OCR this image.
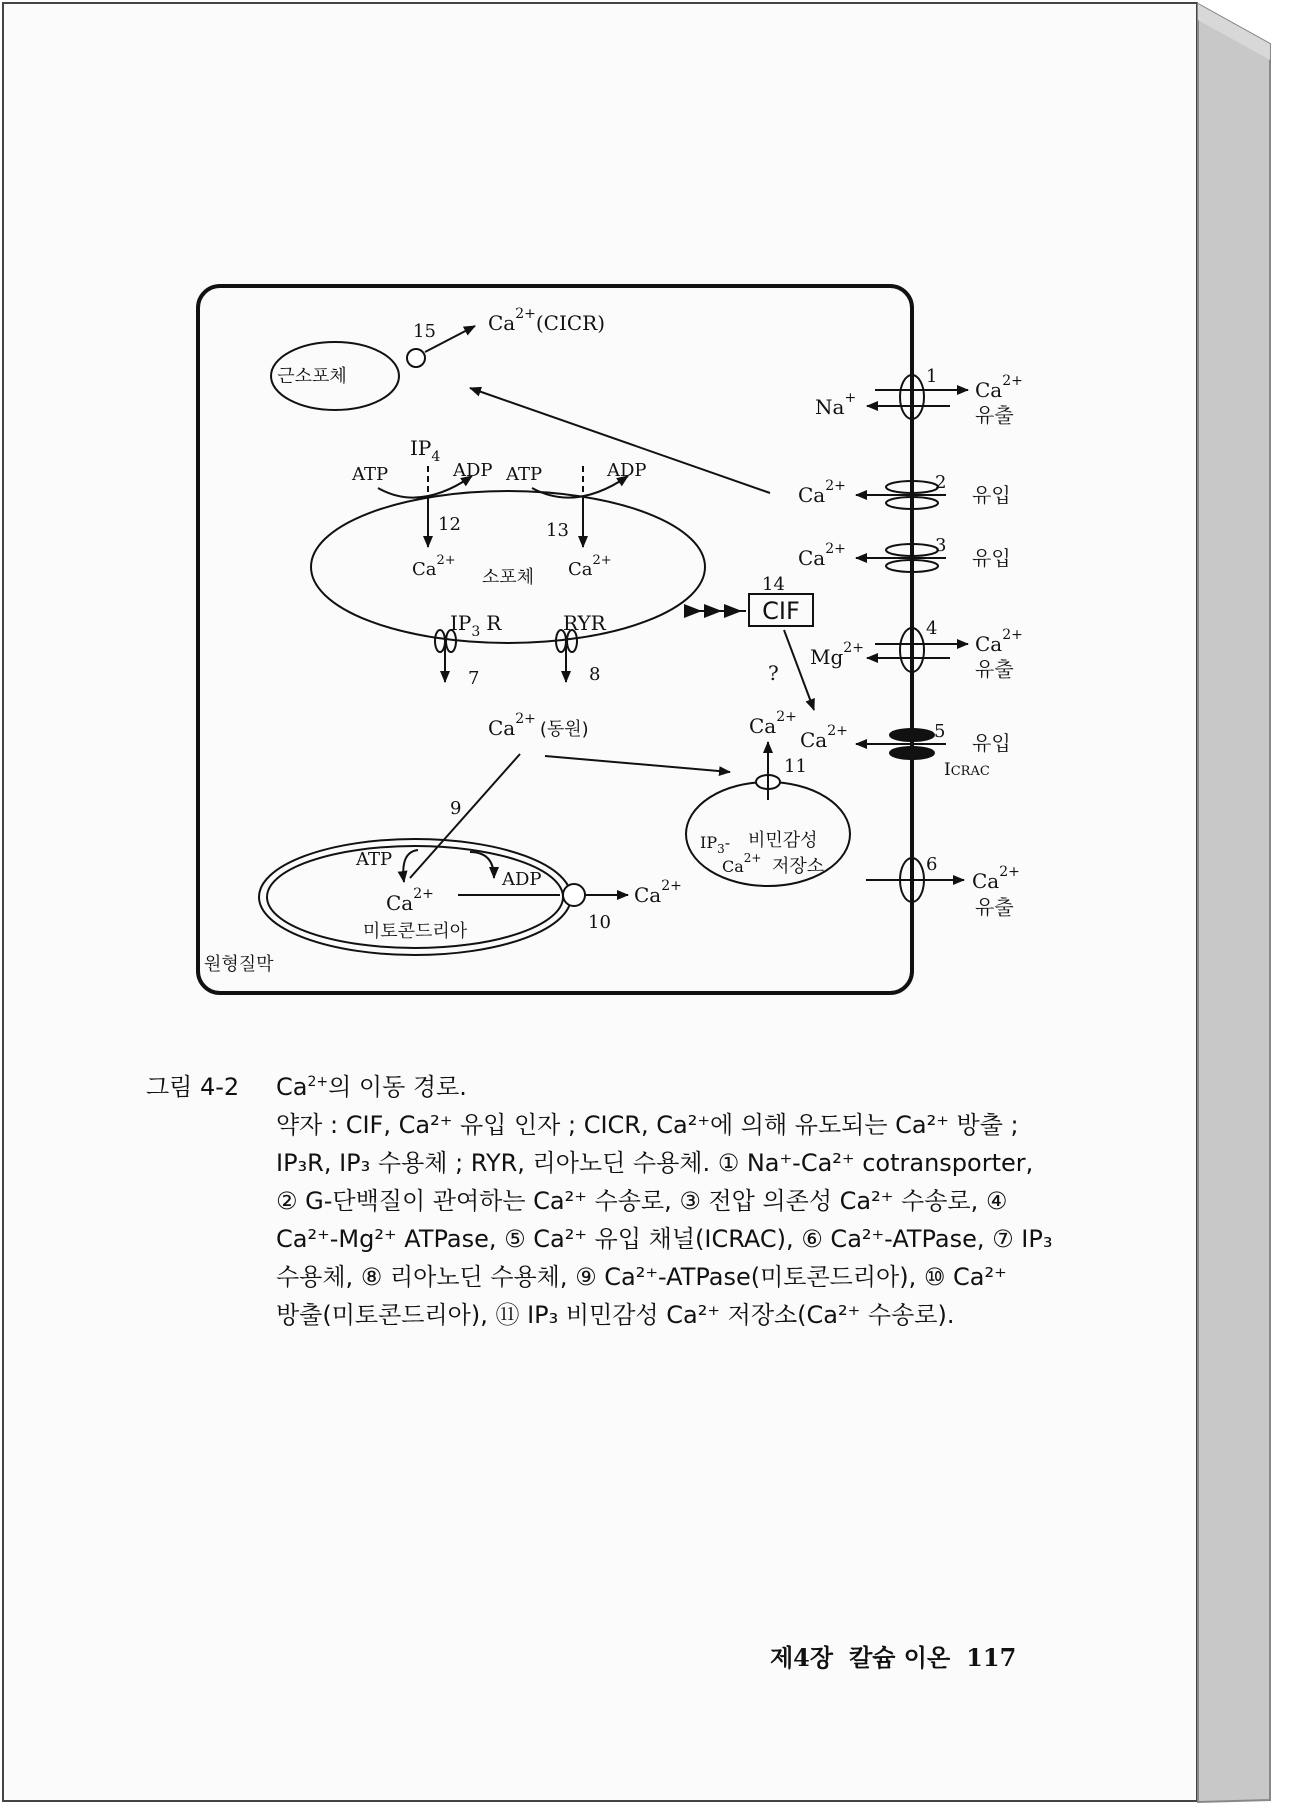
원형질막
근소포체
15	$Ca^{2+}(CICR)$
소포체
$IP_4$
ATP	ADP ATP	ADP
12	13
$Ca^{2+}$	$Ca^{2+}$
$IP_3$ R	RYR
7	8
CIF
14
?
$Ca^{2+}$ (동원)
9
ATP
ADP
$Ca^{2+}$
미토콘드리아
$Ca^{2+}$
10
11
$IP_3-$ 비민감성
$Ca^{2+}$ 저장소
$Ca^{2+}$
1
Na+	$Ca^{2+}$
유출
2
$Ca^{2+}$	유입
3
$Ca^{2+}$	유입
4
$Mg^{2+}$	$Ca^{2+}$
유출
5
$Ca^{2+}$	유입
ICRAC
6
$Ca^{2+}$
유출
그림 4-2 $Ca^{2+}$의 이동 경로.
약자 : CIF, Ca²⁺ 유입 인자 ; CICR, Ca²⁺에 의해 유도되는 Ca²⁺ 방출 ;
IP₃R, IP₃ 수용체 ; RYR, 리아노딘 수용체. ① Na⁺-Ca²⁺ cotransporter,
② G-단백질이 관여하는 Ca²⁺ 수송로, ③ 전압 의존성 Ca²⁺ 수송로, ④
Ca²⁺-Mg²⁺ ATPase, ⑤ Ca²⁺ 유입 채널(ICRAC), ⑥ Ca²⁺-ATPase, ⑦ IP₃
수용체, ⑧ 리아노딘 수용체, ⑨ Ca²⁺-ATPase(미토콘드리아), ⑩ Ca²⁺
방출(미토콘드리아), ⑪ IP₃ 비민감성 Ca²⁺ 저장소(Ca²⁺ 수송로).
제4장 칼슘 이온 117
